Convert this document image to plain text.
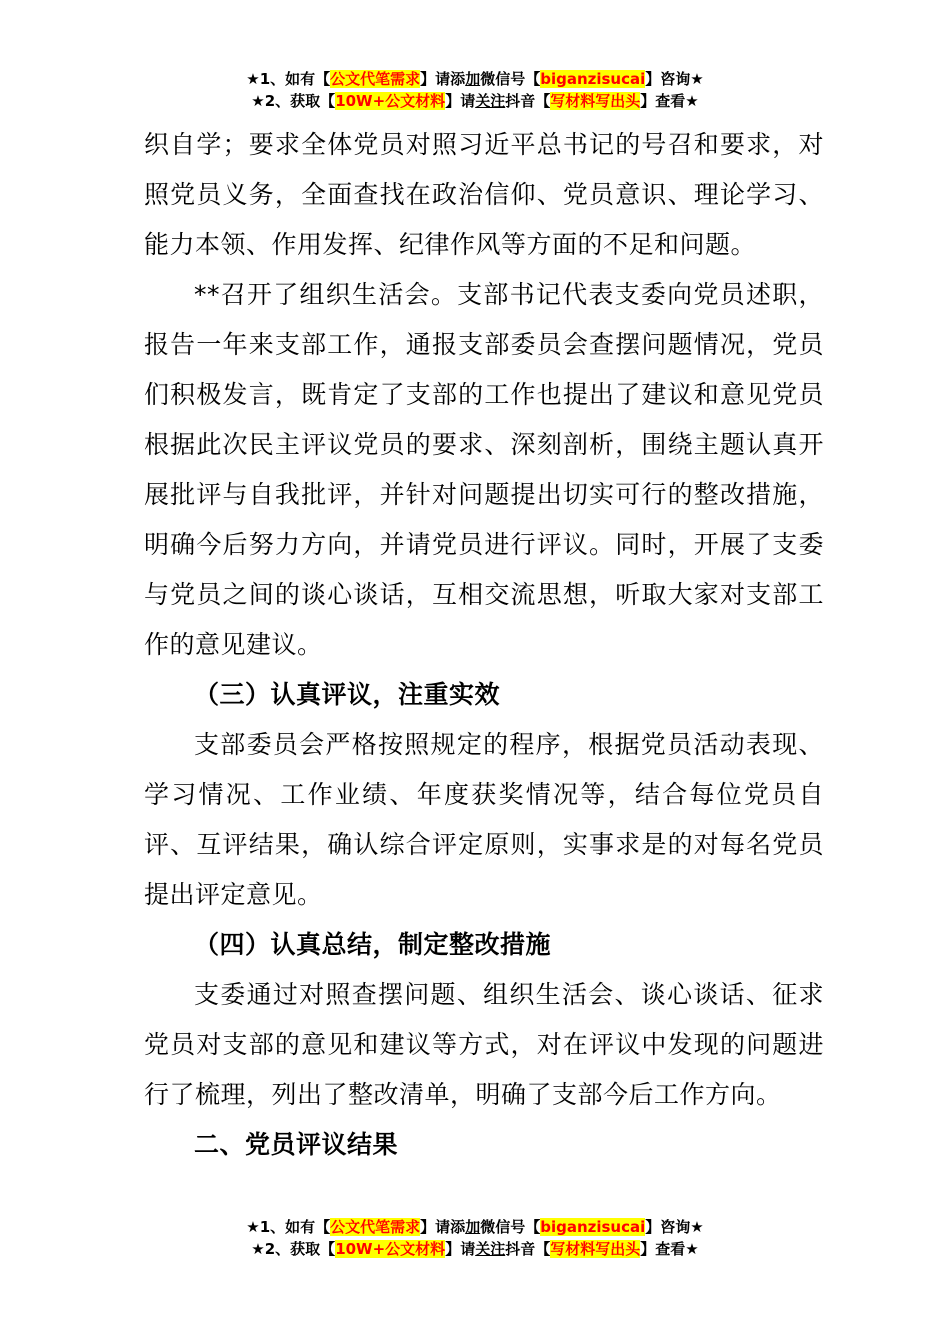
★1、如有【公文代笔需求】请添加微信号【biganzisucai】咨询★
★2、获取【10W+公文材料】请关注抖音【写材料写出头】查看★

织自学；要求全体党员对照习近平总书记的号召和要求，对照党员义务，全面查找在政治信仰、党员意识、理论学习、能力本领、作用发挥、纪律作风等方面的不足和问题。

**召开了组织生活会。支部书记代表支委向党员述职，报告一年来支部工作，通报支部委员会查摆问题情况，党员们积极发言，既肯定了支部的工作也提出了建议和意见党员根据此次民主评议党员的要求、深刻剖析，围绕主题认真开展批评与自我批评，并针对问题提出切实可行的整改措施，明确今后努力方向，并请党员进行评议。同时，开展了支委与党员之间的谈心谈话，互相交流思想，听取大家对支部工作的意见建议。

（三）认真评议，注重实效

支部委员会严格按照规定的程序，根据党员活动表现、学习情况、工作业绩、年度获奖情况等，结合每位党员自评、互评结果，确认综合评定原则，实事求是的对每名党员提出评定意见。

（四）认真总结，制定整改措施

支委通过对照查摆问题、组织生活会、谈心谈话、征求党员对支部的意见和建议等方式，对在评议中发现的问题进行了梳理，列出了整改清单，明确了支部今后工作方向。

二、党员评议结果

★1、如有【公文代笔需求】请添加微信号【biganzisucai】咨询★
★2、获取【10W+公文材料】请关注抖音【写材料写出头】查看★
